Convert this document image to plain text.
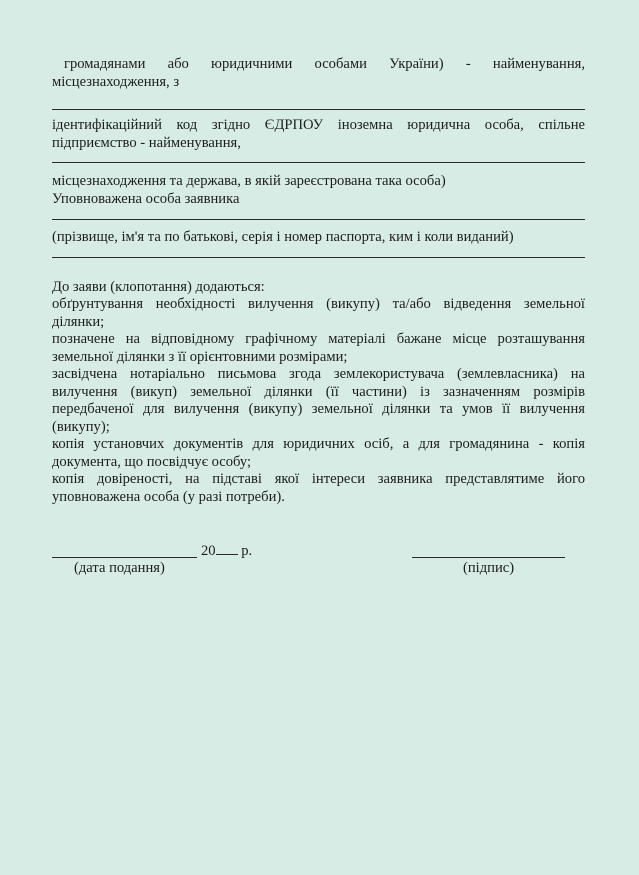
громадянами або юридичними особами України) - найменування, місцезнаходження, з
ідентифікаційний код згідно ЄДРПОУ іноземна юридична особа, спільне підприємство - найменування,
місцезнаходження та держава, в якій зареєстрована така особа)
Уповноважена особа заявника
(прізвище, ім'я та по батькові, серія і номер паспорта, ким і коли виданий)
До заяви (клопотання) додаються:
обґрунтування необхідності вилучення (викупу) та/або відведення земельної ділянки;
позначене на відповідному графічному матеріалі бажане місце розташування земельної ділянки з її орієнтовними розмірами;
засвідчена нотаріально письмова згода землекористувача (землевласника) на вилучення (викуп) земельної ділянки (її частини) із зазначенням розмірів передбаченої для вилучення (викупу) земельної ділянки та умов її вилучення (викупу);
копія установчих документів для юридичних осіб, а для громадянина - копія документа, що посвідчує особу;
копія довіреності, на підставі якої інтереси заявника представлятиме його уповноважена особа (у разі потреби).
20 р.
(дата подання)	(підпис)
